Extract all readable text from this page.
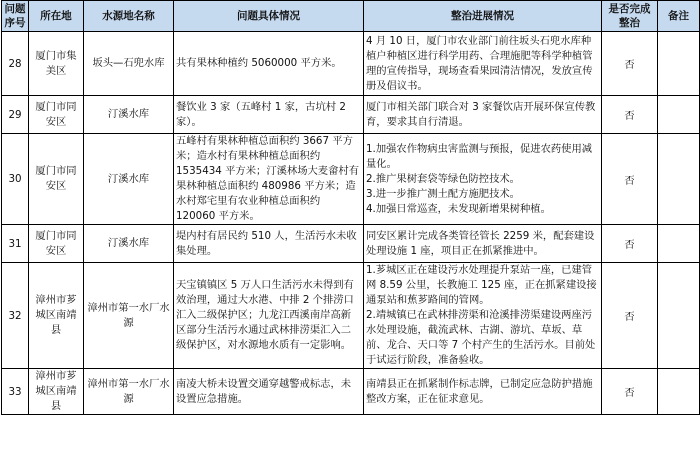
问题序号	所在地	水源地名称	问题具体情况	整治进展情况	是否完成整治	备注
28	厦门市集美区	坂头—石兜水库	共有果林种植约 5060000 平方米。	4 月 10 日，厦门市农业部门前往坂头石兜水库种植户种植区进行科学用药、合理施肥等科学种植管理的宣传指导，现场查看果园清洁情况，发放宣传册及倡议书。	否	
29	厦门市同安区	汀溪水库	餐饮业 3 家（五峰村 1 家，古坑村 2 家）。	厦门市相关部门联合对 3 家餐饮店开展环保宣传教育，要求其自行清退。	否	
30	厦门市同安区	汀溪水库	五峰村有果林种植总面积约 3667 平方米；造水村有果林种植总面积约 1535434 平方米；汀溪林场大麦畲村有果林种植总面积约 480986 平方米；造水村郑宅里有农业种植总面积约 120060 平方米。	1.加强农作物病虫害监测与预报，促进农药使用减量化。
2.推广果树套袋等绿色防控技术。
3.进一步推广测土配方施肥技术。
4.加强日常巡查，未发现新增果树种植。	否	
31	厦门市同安区	汀溪水库	堤内村有居民约 510 人，生活污水未收集处理。	同安区累计完成各类管径管长 2259 米，配套建设处理设施 1 座，项目正在抓紧推进中。	否	
32	漳州市芗城区南靖县	漳州市第一水厂水源	天宝镇镇区 5 万人口生活污水未得到有效治理，通过大水港、中排 2 个排涝口汇入二级保护区；九龙江西溪南岸高新区部分生活污水通过武林排涝渠汇入二级保护区，对水源地水质有一定影响。	1.芗城区正在建设污水处理提升泵站一座，已建管网 8.59 公里，长教施工 125 座，正在抓紧建设接通泵站和蕉芗路间的管网。
2.靖城镇已在武林排涝渠和沧溪排涝渠建设两座污水处理设施，截流武林、古湖、游坑、草坂、草前、龙合、天口等 7 个村产生的生活污水。目前处于试运行阶段，准备验收。	否	
33	漳州市芗城区南靖县	漳州市第一水厂水源	南凌大桥未设置交通穿越警戒标志，未设置应急措施。	南靖县正在抓紧制作标志牌，已制定应急防护措施整改方案，正在征求意见。	否	
